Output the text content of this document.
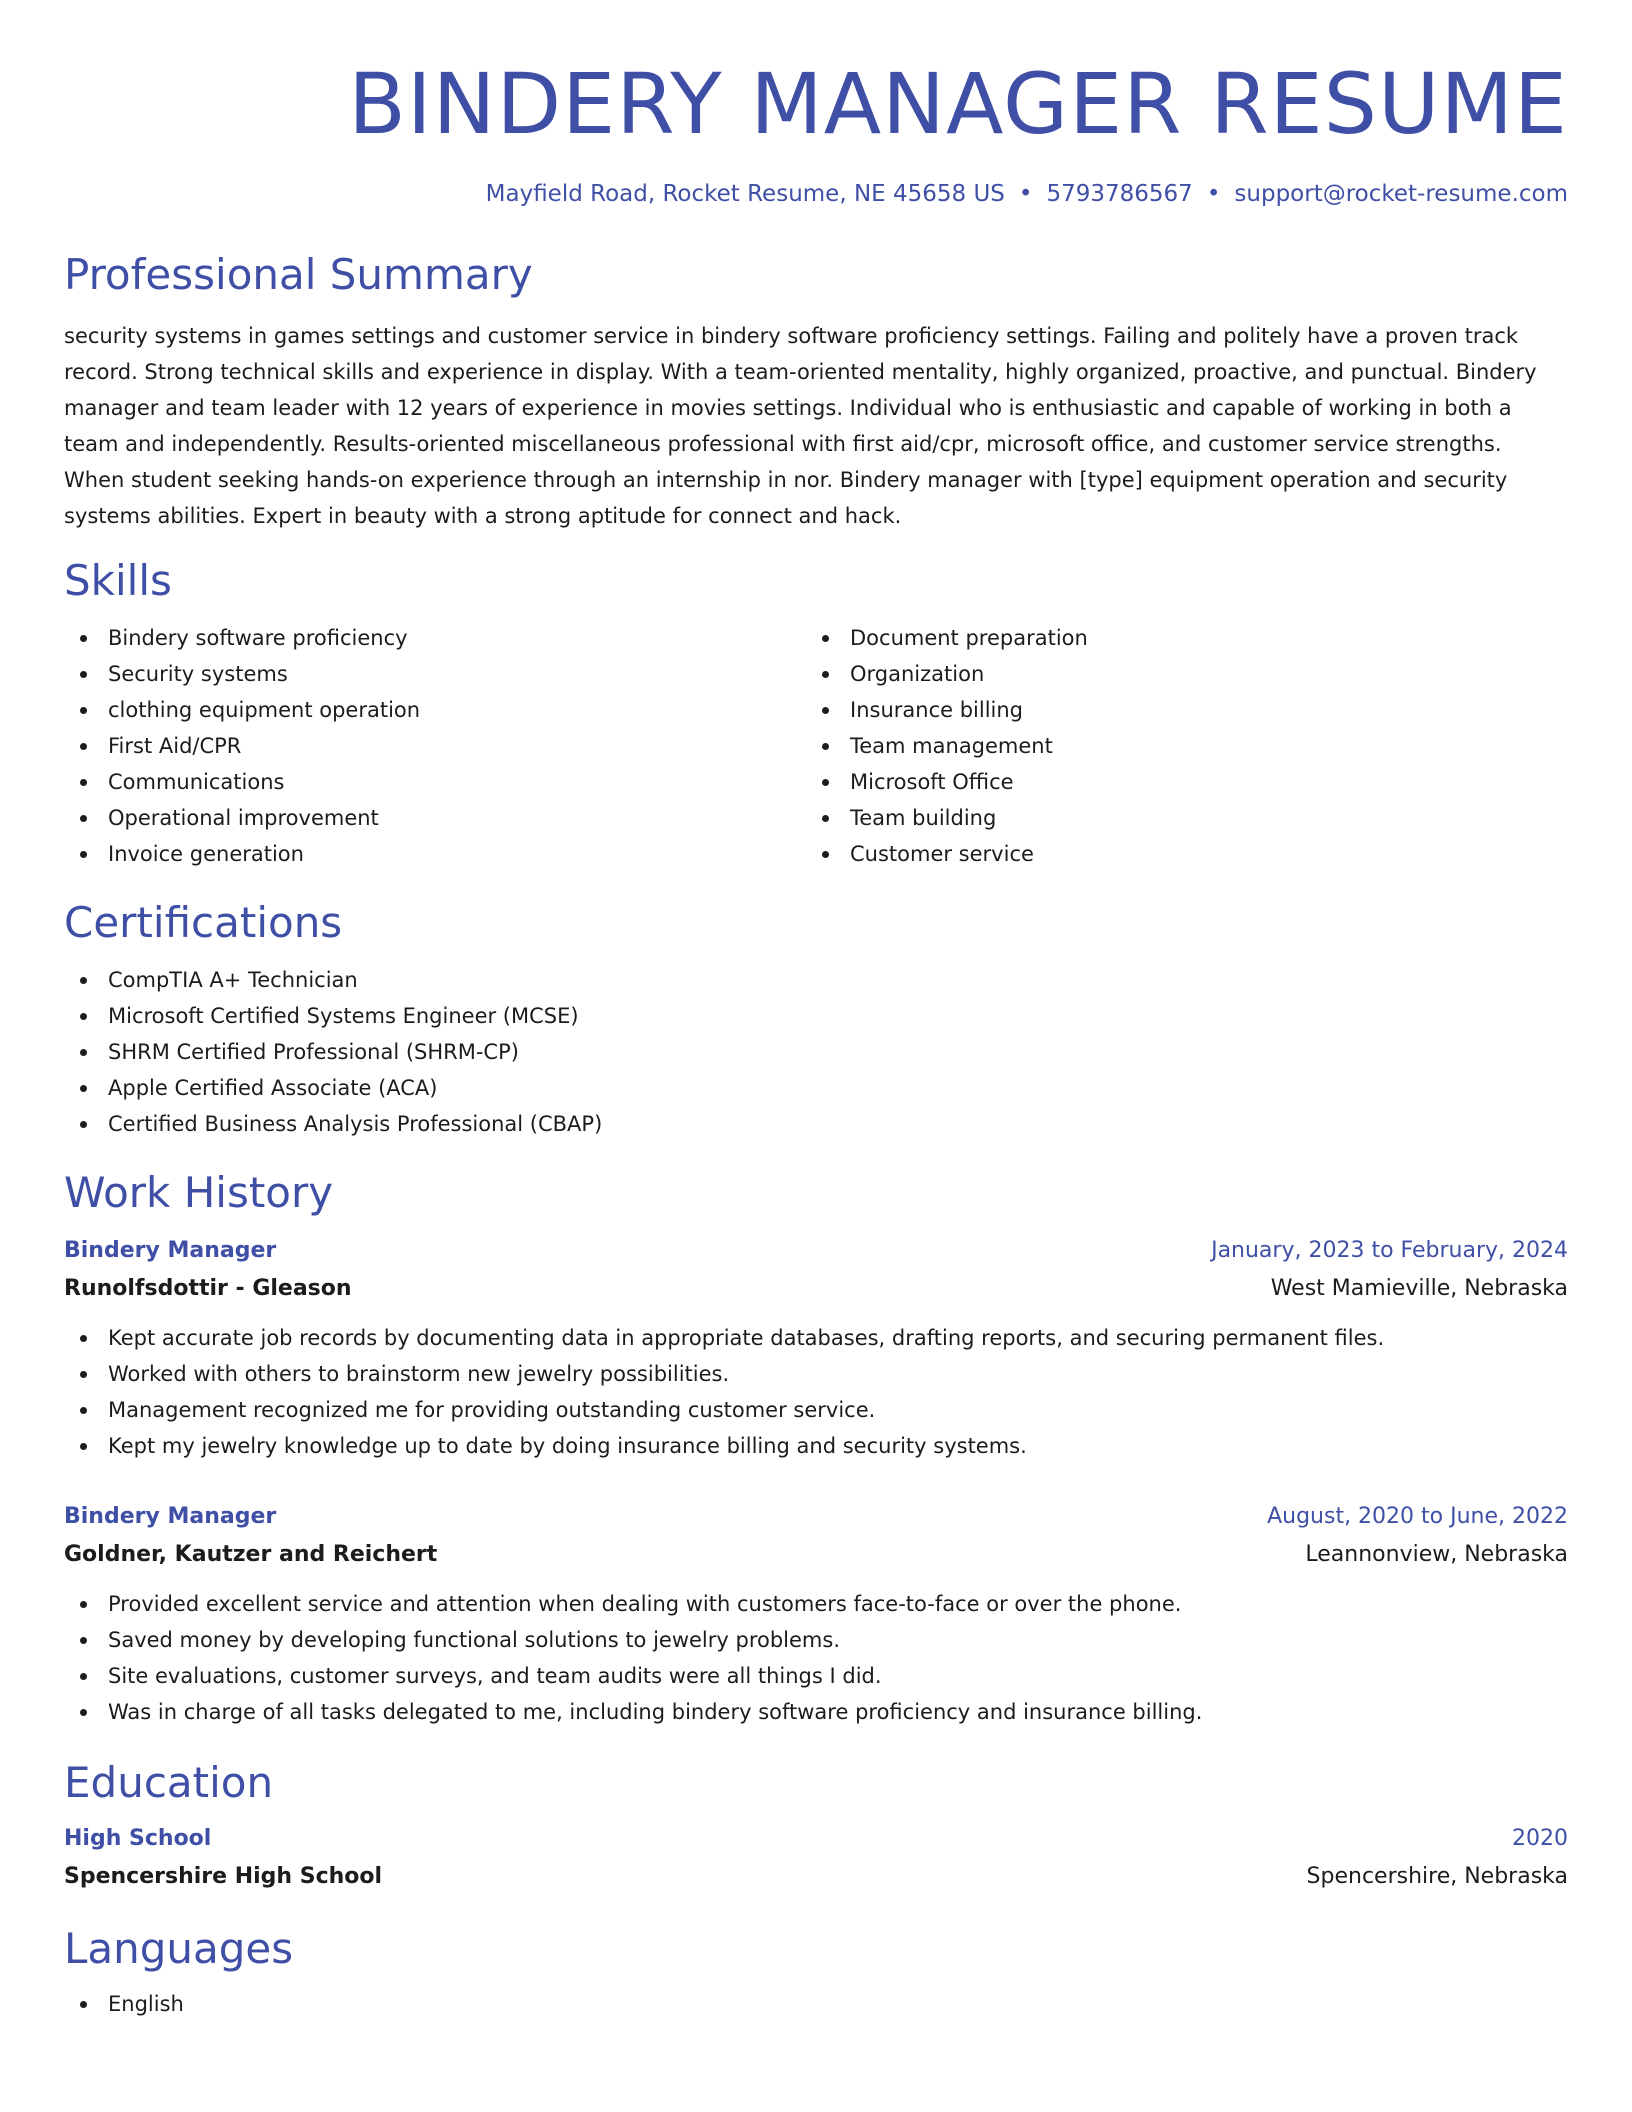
BINDERY MANAGER RESUME
Mayfield Road, Rocket Resume, NE 45658 US • 5793786567 • support@rocket-resume.com
Professional Summary
security systems in games settings and customer service in bindery software proficiency settings. Failing and politely have a proven track record. Strong technical skills and experience in display. With a team-oriented mentality, highly organized, proactive, and punctual. Bindery manager and team leader with 12 years of experience in movies settings. Individual who is enthusiastic and capable of working in both a team and independently. Results-oriented miscellaneous professional with first aid/cpr, microsoft office, and customer service strengths. When student seeking hands-on experience through an internship in nor. Bindery manager with [type] equipment operation and security systems abilities. Expert in beauty with a strong aptitude for connect and hack.
Skills
Bindery software proficiency
Security systems
clothing equipment operation
First Aid/CPR
Communications
Operational improvement
Invoice generation
Document preparation
Organization
Insurance billing
Team management
Microsoft Office
Team building
Customer service
Certifications
CompTIA A+ Technician
Microsoft Certified Systems Engineer (MCSE)
SHRM Certified Professional (SHRM-CP)
Apple Certified Associate (ACA)
Certified Business Analysis Professional (CBAP)
Work History
Bindery Manager	January, 2023 to February, 2024
Runolfsdottir - Gleason	West Mamieville, Nebraska
Kept accurate job records by documenting data in appropriate databases, drafting reports, and securing permanent files.
Worked with others to brainstorm new jewelry possibilities.
Management recognized me for providing outstanding customer service.
Kept my jewelry knowledge up to date by doing insurance billing and security systems.
Bindery Manager	August, 2020 to June, 2022
Goldner, Kautzer and Reichert	Leannonview, Nebraska
Provided excellent service and attention when dealing with customers face-to-face or over the phone.
Saved money by developing functional solutions to jewelry problems.
Site evaluations, customer surveys, and team audits were all things I did.
Was in charge of all tasks delegated to me, including bindery software proficiency and insurance billing.
Education
High School	2020
Spencershire High School	Spencershire, Nebraska
Languages
English
